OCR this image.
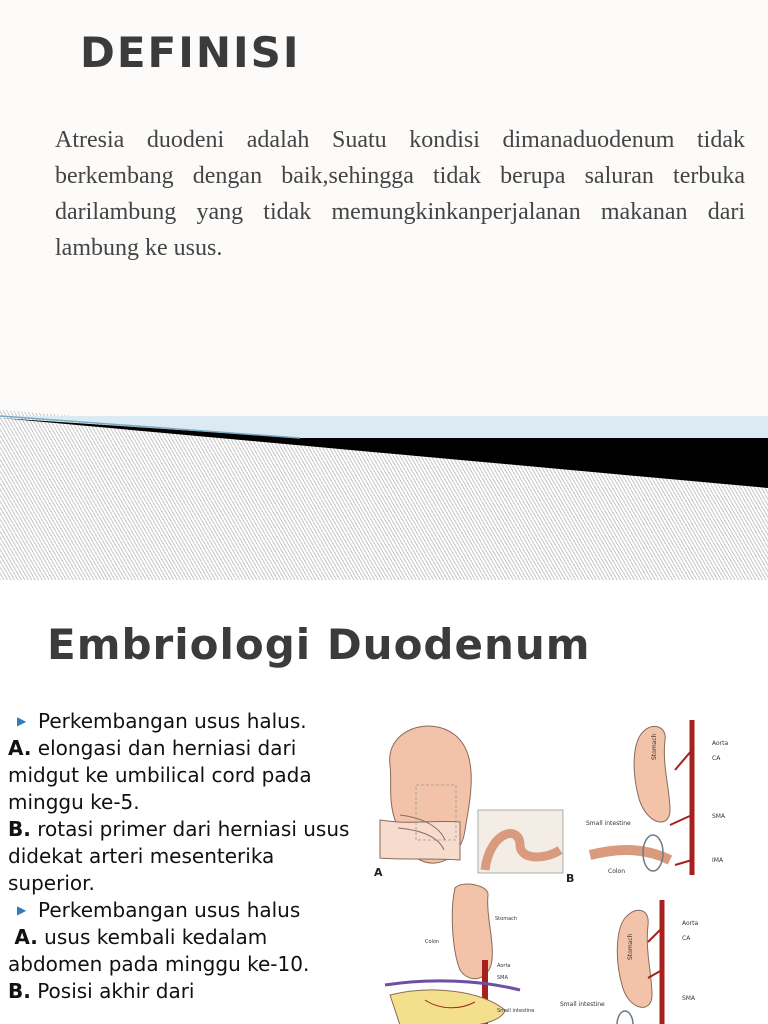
DEFINISI

Atresia duodeni adalah Suatu kondisi dimanaduodenum tidak berkembang dengan baik,sehingga tidak berupa saluran terbuka darilambung yang tidak memungkinkanperjalanan makanan dari lambung ke usus.

Embriologi Duodenum

▶ Perkembangan usus halus.

A. elongasi dan herniasi dari midgut ke umbilical cord pada minggu ke-5.

B. rotasi primer dari herniasi usus didekat arteri mesenterika superior.

▶ Perkembangan usus halus

A. usus kembali kedalam abdomen pada minggu ke-10.

B. Posisi akhir dari

A
Stomach	Aorta
CA
SMA
IMA
Small intestine
Colon
B
Stomach
Colon
Aorta
SMA
Small intestine
Stomach
Aorta
CA
SMA
Small intestine
